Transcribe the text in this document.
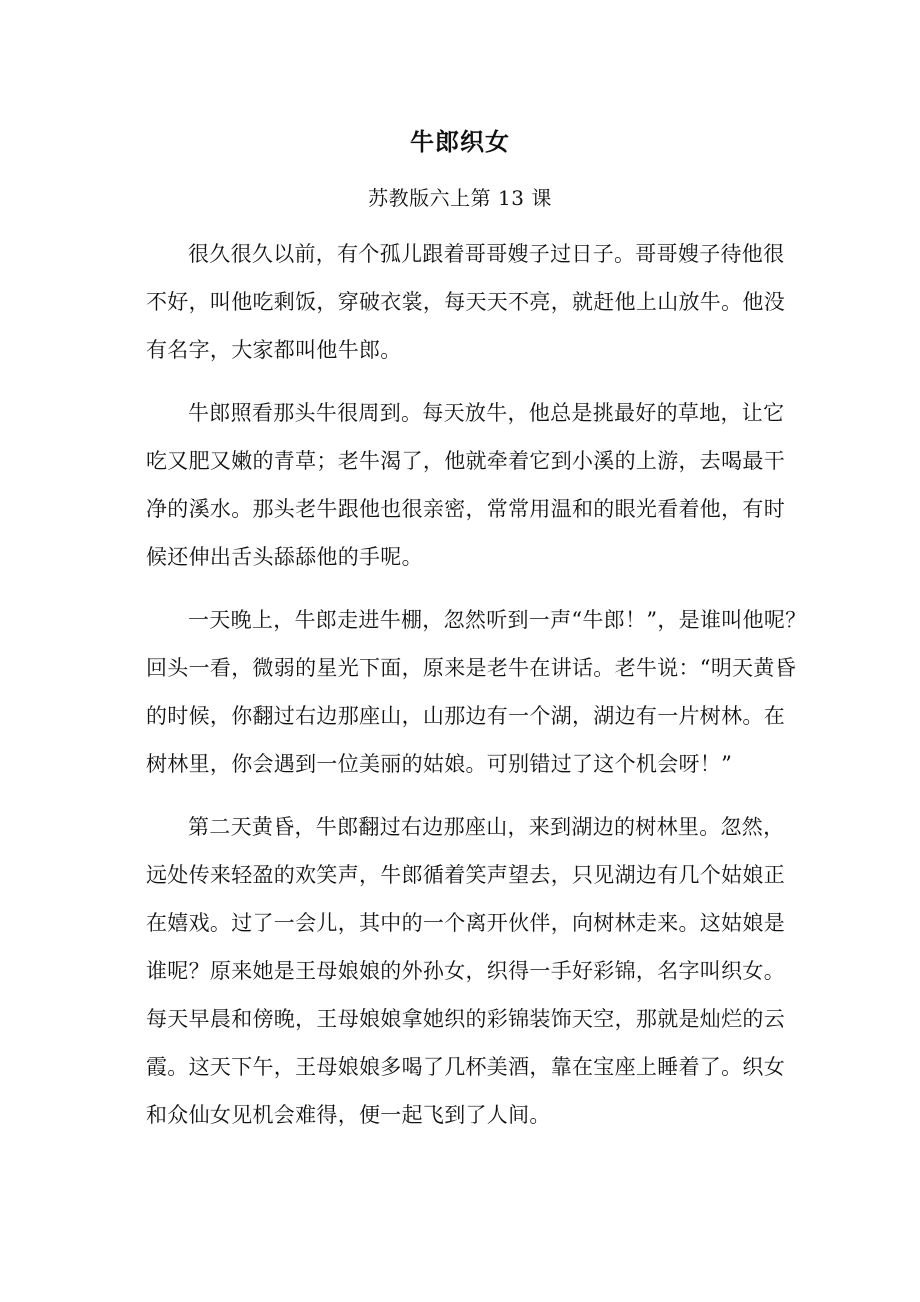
牛郎织女
苏教版六上第 13 课
很久很久以前，有个孤儿跟着哥哥嫂子过日子。哥哥嫂子待他很
不好，叫他吃剩饭，穿破衣裳，每天天不亮，就赶他上山放牛。他没
有名字，大家都叫他牛郎。
牛郎照看那头牛很周到。每天放牛，他总是挑最好的草地，让它
吃又肥又嫩的青草；老牛渴了，他就牵着它到小溪的上游，去喝最干
净的溪水。那头老牛跟他也很亲密，常常用温和的眼光看着他，有时
候还伸出舌头舔舔他的手呢。
一天晚上，牛郎走进牛棚，忽然听到一声“牛郎！”，是谁叫他呢？
回头一看，微弱的星光下面，原来是老牛在讲话。老牛说：“明天黄昏
的时候，你翻过右边那座山，山那边有一个湖，湖边有一片树林。在
树林里，你会遇到一位美丽的姑娘。可别错过了这个机会呀！”
第二天黄昏，牛郎翻过右边那座山，来到湖边的树林里。忽然，
远处传来轻盈的欢笑声，牛郎循着笑声望去，只见湖边有几个姑娘正
在嬉戏。过了一会儿，其中的一个离开伙伴，向树林走来。这姑娘是
谁呢？原来她是王母娘娘的外孙女，织得一手好彩锦，名字叫织女。
每天早晨和傍晚，王母娘娘拿她织的彩锦装饰天空，那就是灿烂的云
霞。这天下午，王母娘娘多喝了几杯美酒，靠在宝座上睡着了。织女
和众仙女见机会难得，便一起飞到了人间。
